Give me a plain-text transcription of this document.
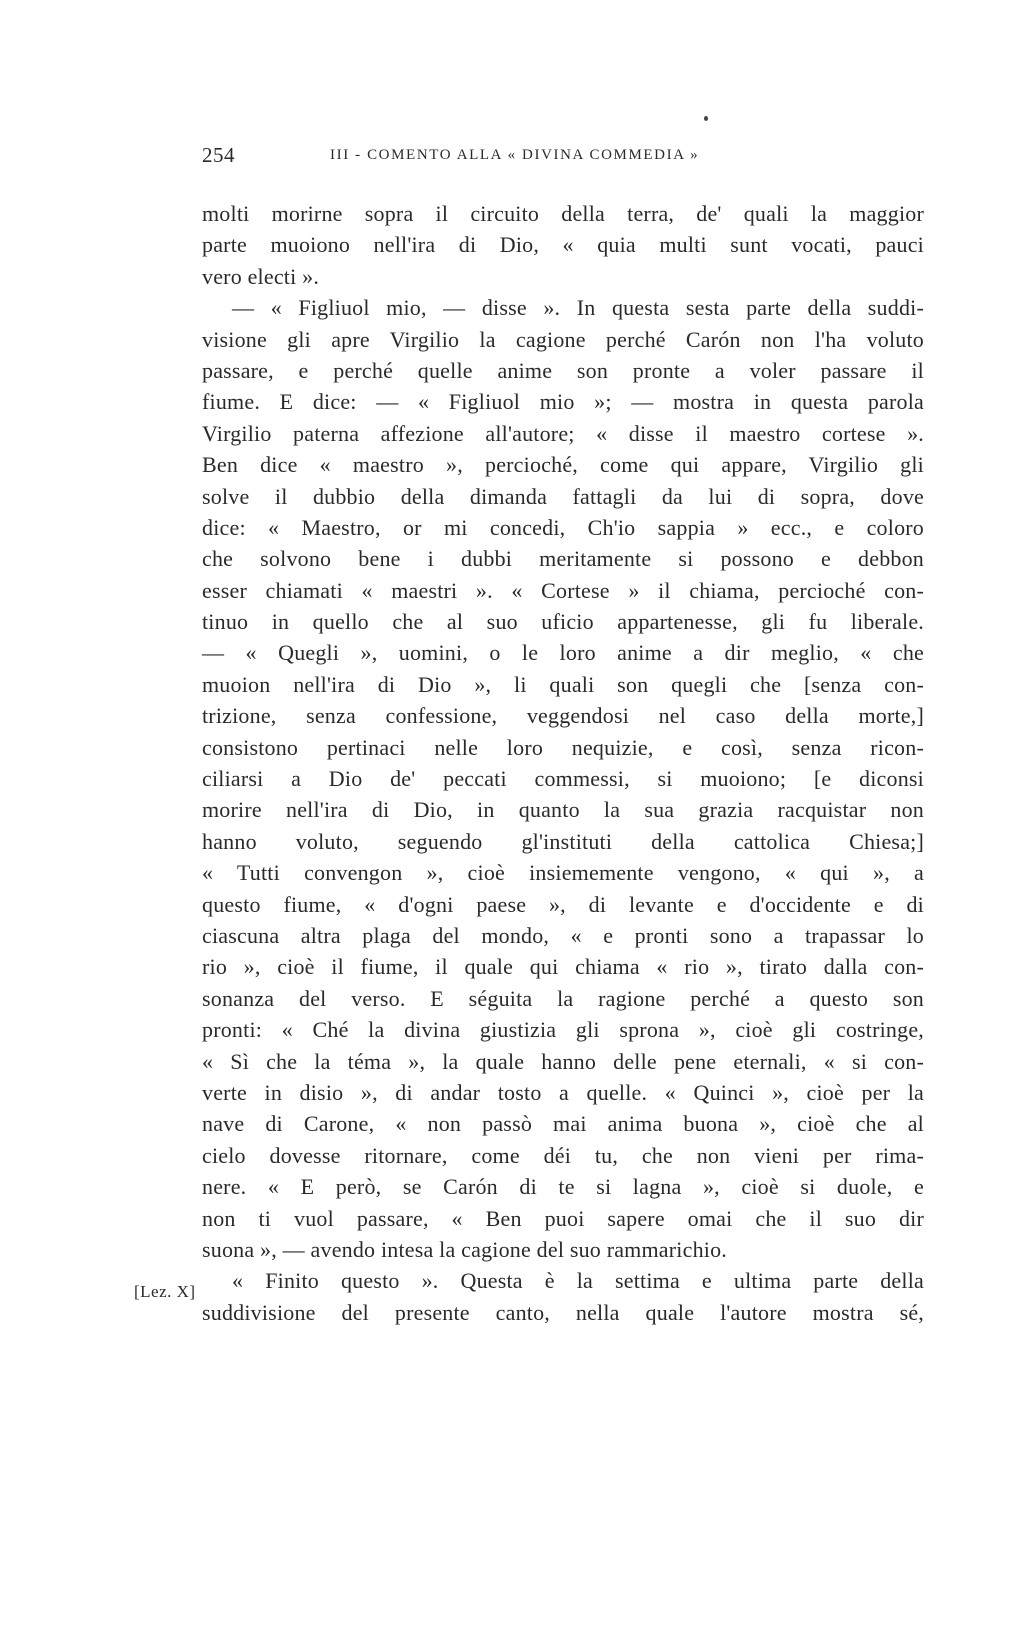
254	III - COMENTO ALLA « DIVINA COMMEDIA »
[Lez. X]
molti morirne sopra il circuito della terra, de' quali la maggior
parte muoiono nell'ira di Dio, « quia multi sunt vocati, pauci
vero electi ».
— « Figliuol mio, — disse ». In questa sesta parte della suddi-
visione gli apre Virgilio la cagione perché Carón non l'ha voluto
passare, e perché quelle anime son pronte a voler passare il
fiume. E dice: — « Figliuol mio »; — mostra in questa parola
Virgilio paterna affezione all'autore; « disse il maestro cortese ».
Ben dice « maestro », percioché, come qui appare, Virgilio gli
solve il dubbio della dimanda fattagli da lui di sopra, dove
dice: « Maestro, or mi concedi, Ch'io sappia » ecc., e coloro
che solvono bene i dubbi meritamente si possono e debbon
esser chiamati « maestri ». « Cortese » il chiama, percioché con-
tinuo in quello che al suo uficio appartenesse, gli fu liberale.
— « Quegli », uomini, o le loro anime a dir meglio, « che
muoion nell'ira di Dio », li quali son quegli che [senza con-
trizione, senza confessione, veggendosi nel caso della morte,]
consistono pertinaci nelle loro nequizie, e così, senza ricon-
ciliarsi a Dio de' peccati commessi, si muoiono; [e diconsi
morire nell'ira di Dio, in quanto la sua grazia racquistar non
hanno voluto, seguendo gl'instituti della cattolica Chiesa;]
« Tutti convengon », cioè insiememente vengono, « qui », a
questo fiume, « d'ogni paese », di levante e d'occidente e di
ciascuna altra plaga del mondo, « e pronti sono a trapassar lo
rio », cioè il fiume, il quale qui chiama « rio », tirato dalla con-
sonanza del verso. E séguita la ragione perché a questo son
pronti: « Ché la divina giustizia gli sprona », cioè gli costringe,
« Sì che la téma », la quale hanno delle pene eternali, « si con-
verte in disio », di andar tosto a quelle. « Quinci », cioè per la
nave di Carone, « non passò mai anima buona », cioè che al
cielo dovesse ritornare, come déi tu, che non vieni per rima-
nere. « E però, se Carón di te si lagna », cioè si duole, e
non ti vuol passare, « Ben puoi sapere omai che il suo dir
suona », — avendo intesa la cagione del suo rammarichio.
« Finito questo ». Questa è la settima e ultima parte della
suddivisione del presente canto, nella quale l'autore mostra sé,
